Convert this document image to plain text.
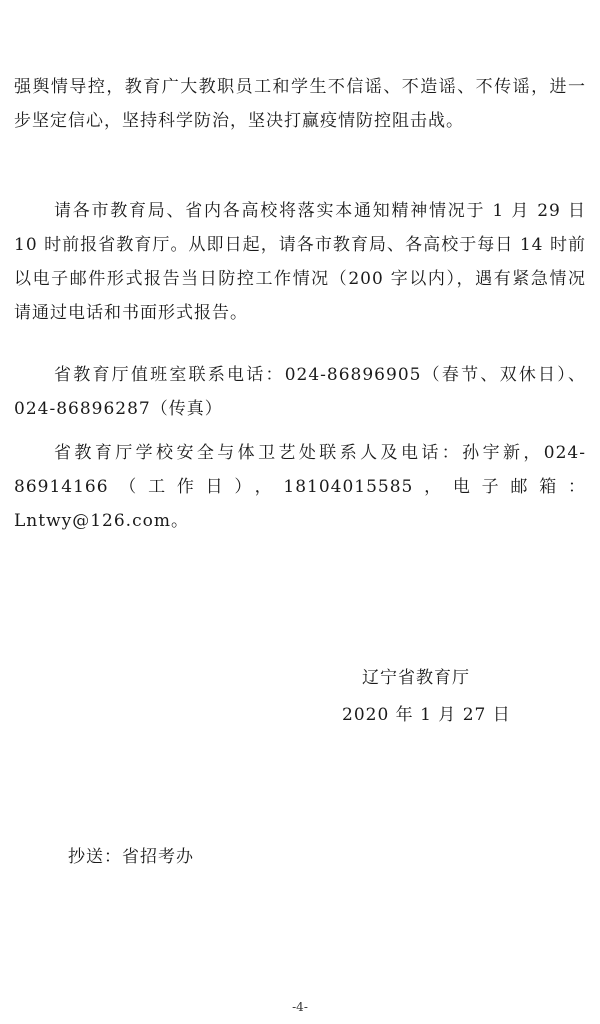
强舆情导控，教育广大教职员工和学生不信谣、不造谣、不传谣，进一步坚定信心，坚持科学防治，坚决打赢疫情防控阻击战。

请各市教育局、省内各高校将落实本通知精神情况于 1 月 29 日 10 时前报省教育厅。从即日起，请各市教育局、各高校于每日 14 时前以电子邮件形式报告当日防控工作情况（200 字以内），遇有紧急情况请通过电话和书面形式报告。

省教育厅值班室联系电话：024-86896905（春节、双休日）、024-86896287（传真）

省教育厅学校安全与体卫艺处联系人及电话：孙宇新，024-86914166（工作日），18104015585，电子邮箱：Lntwy@126.com。

辽宁省教育厅
2020 年 1 月 27 日
抄送：省招考办
-4-
